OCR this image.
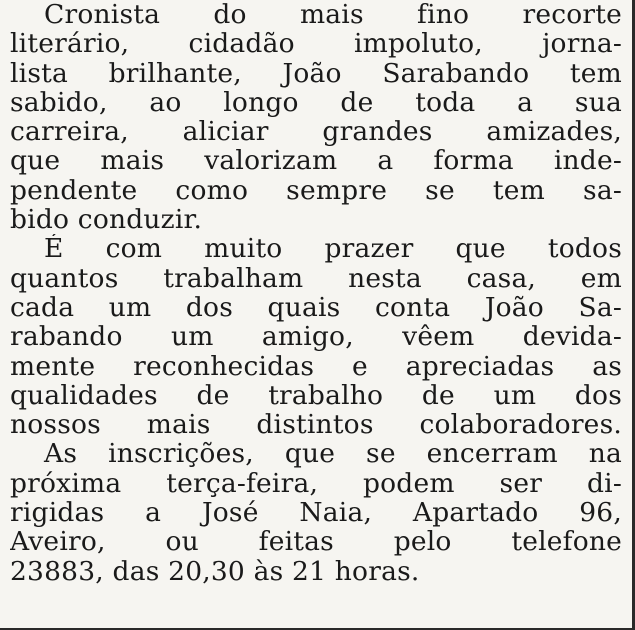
Cronista do mais fino recorte
literário, cidadão impoluto, jorna-
lista brilhante, João Sarabando tem
sabido, ao longo de toda a sua
carreira, aliciar grandes amizades,
que mais valorizam a forma inde-
pendente como sempre se tem sa-
bido conduzir.
É com muito prazer que todos
quantos trabalham nesta casa, em
cada um dos quais conta João Sa-
rabando um amigo, vêem devida-
mente reconhecidas e apreciadas as
qualidades de trabalho de um dos
nossos mais distintos colaboradores.
As inscrições, que se encerram na
próxima terça-feira, podem ser di-
rigidas a José Naia, Apartado 96,
Aveiro, ou feitas pelo telefone
23883, das 20,30 às 21 horas.
